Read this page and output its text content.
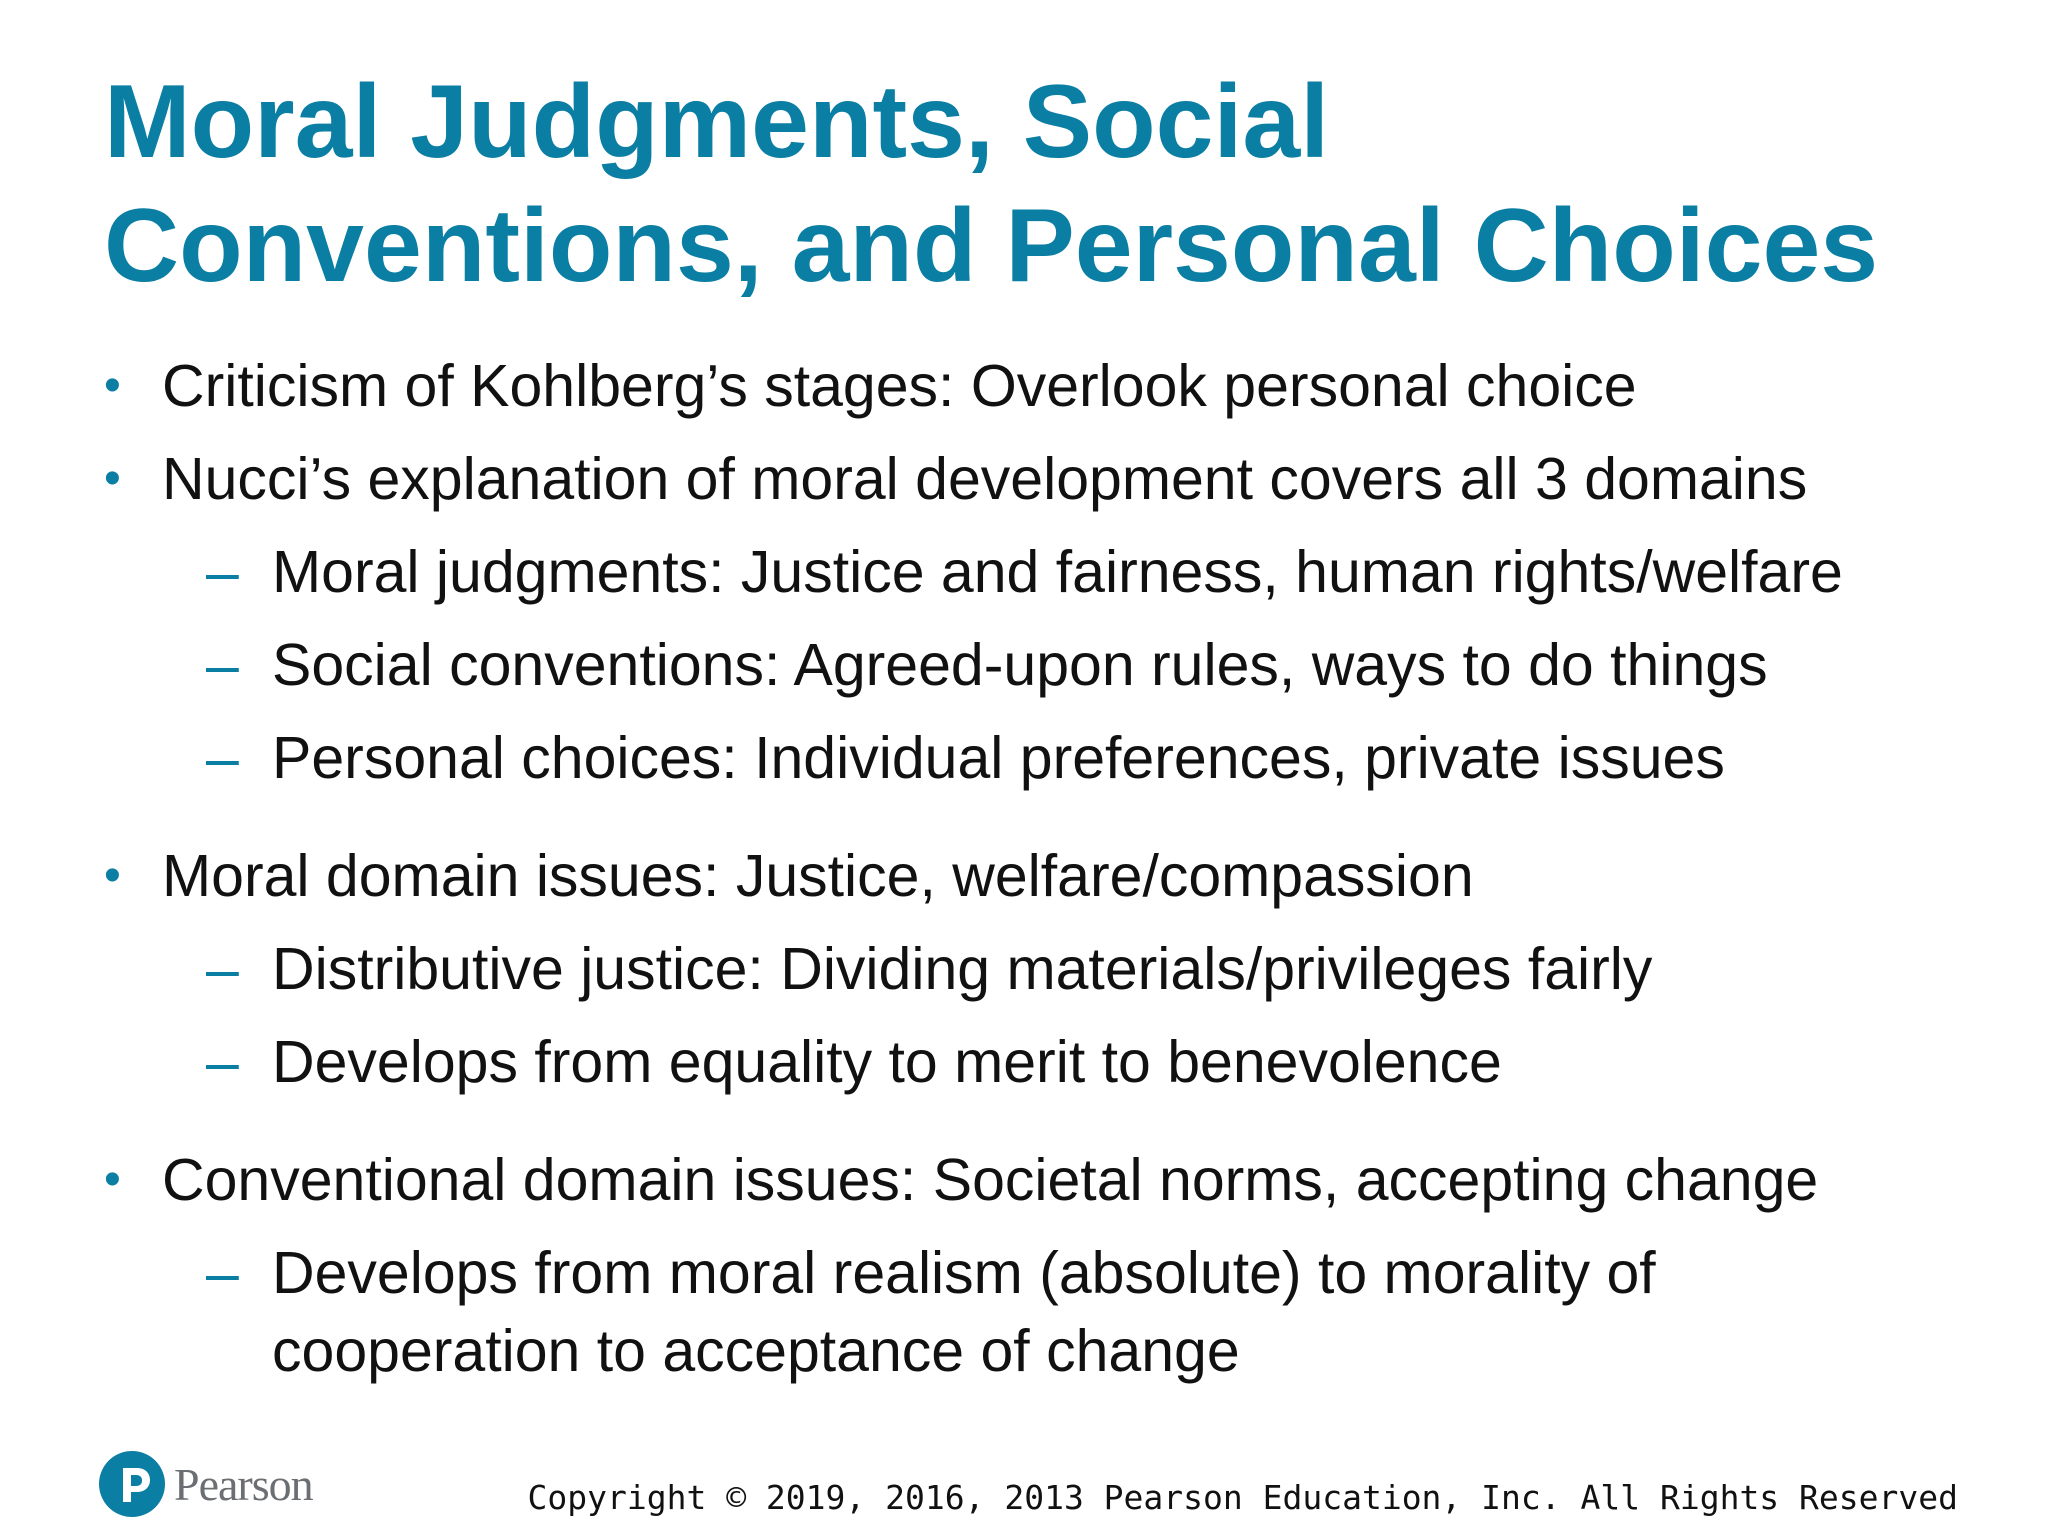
Moral Judgments, Social
Conventions, and Personal Choices
• Criticism of Kohlberg’s stages: Overlook personal choice
• Nucci’s explanation of moral development covers all 3 domains
– Moral judgments: Justice and fairness, human rights/welfare
– Social conventions: Agreed-upon rules, ways to do things
– Personal choices: Individual preferences, private issues
• Moral domain issues: Justice, welfare/compassion
– Distributive justice: Dividing materials/privileges fairly
– Develops from equality to merit to benevolence
• Conventional domain issues: Societal norms, accepting change
– Develops from moral realism (absolute) to morality of
cooperation to acceptance of change
Pearson	Copyright © 2019, 2016, 2013 Pearson Education, Inc. All Rights Reserved
